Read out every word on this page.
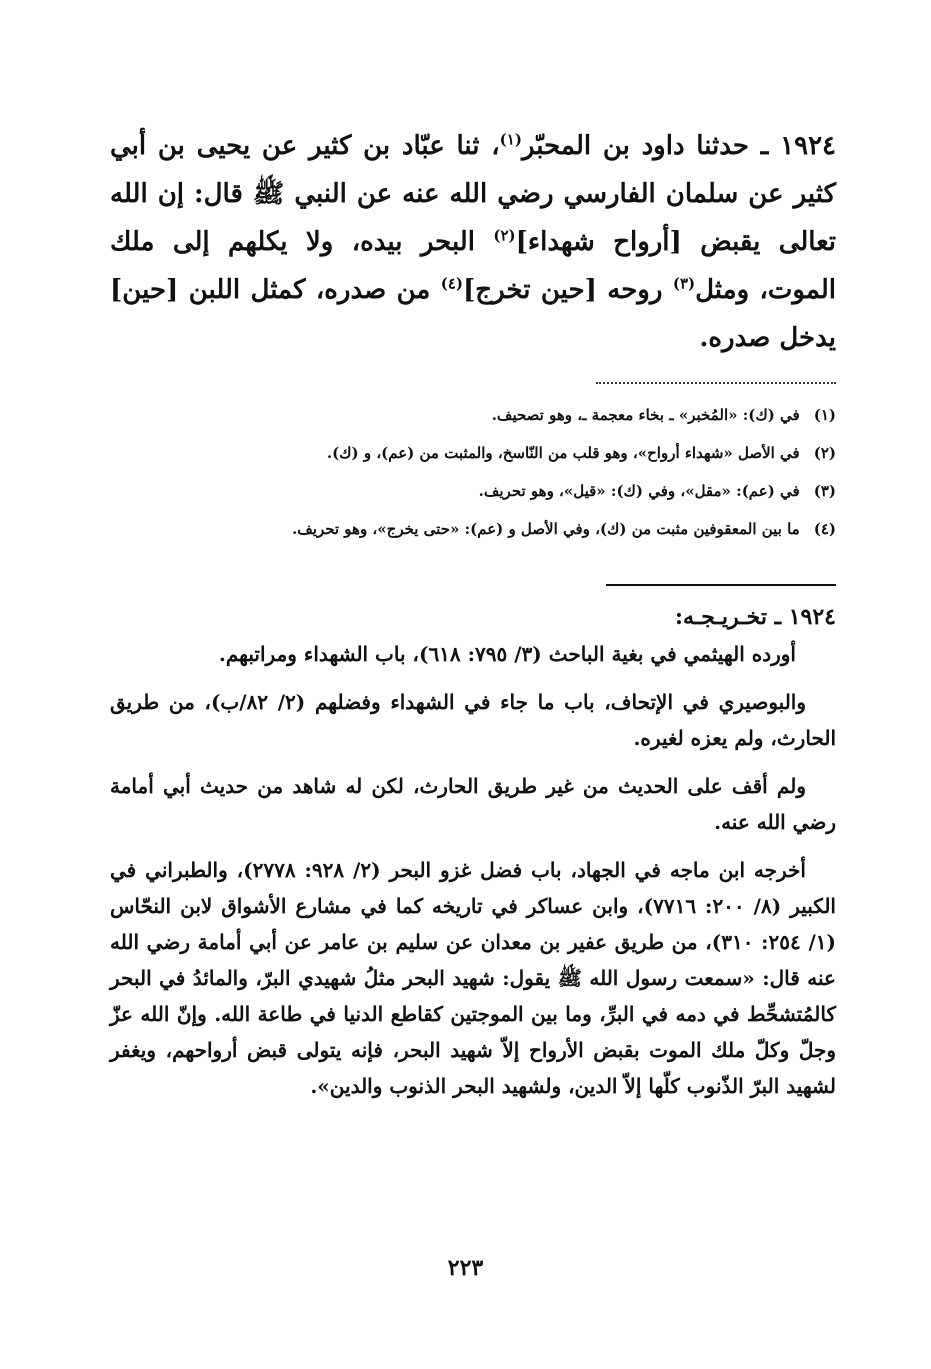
١٩٢٤ ـ حدثنا داود بن المحبّر$^{(١)}$، ثنا عبّاد بن كثير عن يحيى بن أبي كثير عن سلمان الفارسي رضي الله عنه عن النبي ﷺ قال: إن الله تعالى يقبض [أرواح شهداء]$^{(٢)}$ البحر بيده، ولا يكلهم إلى ملك الموت، ومثل$^{(٣)}$ روحه [حين تخرج]$^{(٤)}$ من صدره، كمثل اللبن [حين] يدخل صدره.

(١)
في (ك): «المُخبر» ـ بخاء معجمة ـ، وهو تصحيف.
(٢)
في الأصل «شهداء أرواح»، وهو قلب من النّاسخ، والمثبت من (عم)، و (ك).
(٣)
في (عم): «مقل»، وفي (ك): «قيل»، وهو تحريف.
(٤)
ما بين المعقوفين مثبت من (ك)، وفي الأصل و (عم): «حتى يخرج»، وهو تحريف.
١٩٢٤ ـ تخـريـجـه:

أورده الهيثمي في بغية الباحث (٣/ ٧٩٥: ٦١٨)، باب الشهداء ومراتبهم.

والبوصيري في الإتحاف، باب ما جاء في الشهداء وفضلهم (٢/ ٨٢/ب)، من طريق الحارث، ولم يعزه لغيره.

ولم أقف على الحديث من غير طريق الحارث، لكن له شاهد من حديث أبي أمامة رضي الله عنه.

أخرجه ابن ماجه في الجهاد، باب فضل غزو البحر (٢/ ٩٢٨: ٢٧٧٨)، والطبراني في الكبير (٨/ ٢٠٠: ٧٧١٦)، وابن عساكر في تاريخه كما في مشارع الأشواق لابن النحّاس (١/ ٢٥٤: ٣١٠)، من طريق عفير بن معدان عن سليم بن عامر عن أبي أمامة رضي الله عنه قال: «سمعت رسول الله ﷺ يقول: شهيد البحر مثلُ شهيدي البرّ، والمائدُ في البحر كالمُتشحِّط في دمه في البرِّ، وما بين الموجتين كقاطع الدنيا في طاعة الله. وإنّ الله عزّ وجلّ وكلّ ملك الموت بقبض الأرواح إلاّ شهيد البحر، فإنه يتولى قبض أرواحهم، ويغفر لشهيد البرّ الذّنوب كلّها إلاّ الدين، ولشهيد البحر الذنوب والدين».

٢٢٣
